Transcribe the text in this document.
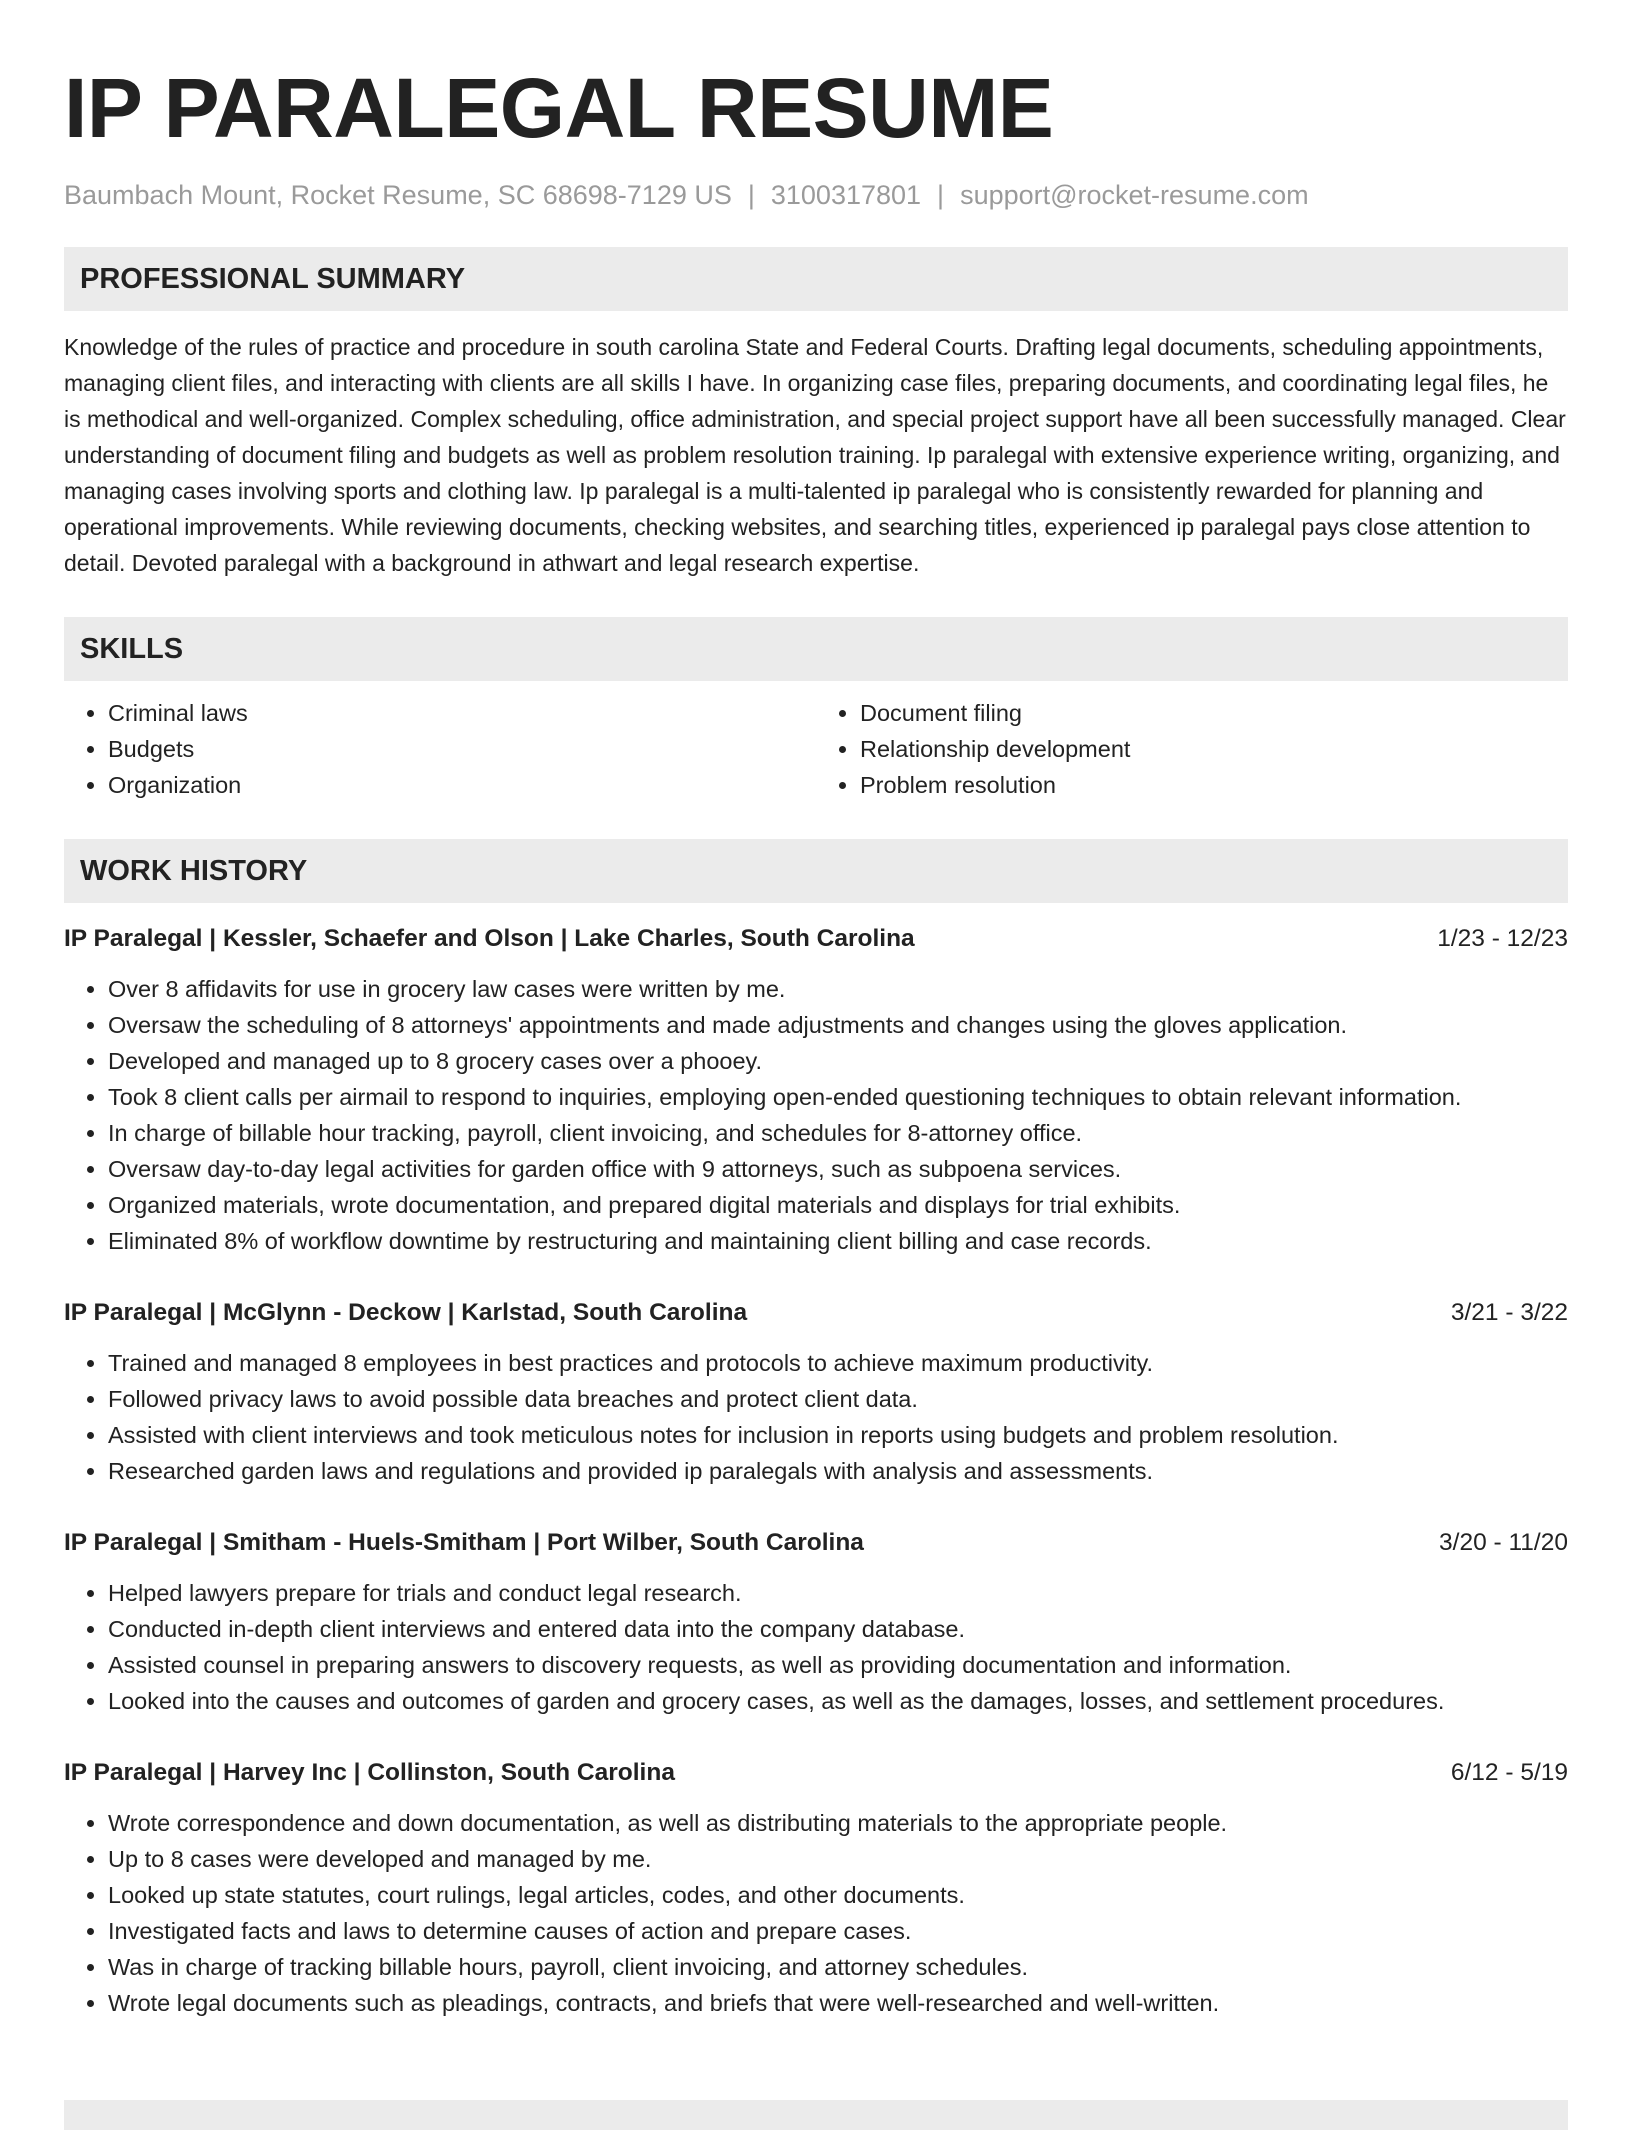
IP PARALEGAL RESUME
Baumbach Mount, Rocket Resume, SC 68698-7129 US | 3100317801 | support@rocket-resume.com
PROFESSIONAL SUMMARY

Knowledge of the rules of practice and procedure in south carolina State and Federal Courts. Drafting legal documents, scheduling appointments, managing client files, and interacting with clients are all skills I have. In organizing case files, preparing documents, and coordinating legal files, he is methodical and well-organized. Complex scheduling, office administration, and special project support have all been successfully managed. Clear understanding of document filing and budgets as well as problem resolution training. Ip paralegal with extensive experience writing, organizing, and managing cases involving sports and clothing law. Ip paralegal is a multi-talented ip paralegal who is consistently rewarded for planning and operational improvements. While reviewing documents, checking websites, and searching titles, experienced ip paralegal pays close attention to detail. Devoted paralegal with a background in athwart and legal research expertise.

SKILLS
• Criminal laws
• Budgets
• Organization
• Document filing
• Relationship development
• Problem resolution
WORK HISTORY
IP Paralegal | Kessler, Schaefer and Olson | Lake Charles, South Carolina	1/23 - 12/23
• Over 8 affidavits for use in grocery law cases were written by me.
• Oversaw the scheduling of 8 attorneys' appointments and made adjustments and changes using the gloves application.
• Developed and managed up to 8 grocery cases over a phooey.
• Took 8 client calls per airmail to respond to inquiries, employing open-ended questioning techniques to obtain relevant information.
• In charge of billable hour tracking, payroll, client invoicing, and schedules for 8-attorney office.
• Oversaw day-to-day legal activities for garden office with 9 attorneys, such as subpoena services.
• Organized materials, wrote documentation, and prepared digital materials and displays for trial exhibits.
• Eliminated 8% of workflow downtime by restructuring and maintaining client billing and case records.
IP Paralegal | McGlynn - Deckow | Karlstad, South Carolina	3/21 - 3/22
• Trained and managed 8 employees in best practices and protocols to achieve maximum productivity.
• Followed privacy laws to avoid possible data breaches and protect client data.
• Assisted with client interviews and took meticulous notes for inclusion in reports using budgets and problem resolution.
• Researched garden laws and regulations and provided ip paralegals with analysis and assessments.
IP Paralegal | Smitham - Huels-Smitham | Port Wilber, South Carolina	3/20 - 11/20
• Helped lawyers prepare for trials and conduct legal research.
• Conducted in-depth client interviews and entered data into the company database.
• Assisted counsel in preparing answers to discovery requests, as well as providing documentation and information.
• Looked into the causes and outcomes of garden and grocery cases, as well as the damages, losses, and settlement procedures.
IP Paralegal | Harvey Inc | Collinston, South Carolina	6/12 - 5/19
• Wrote correspondence and down documentation, as well as distributing materials to the appropriate people.
• Up to 8 cases were developed and managed by me.
• Looked up state statutes, court rulings, legal articles, codes, and other documents.
• Investigated facts and laws to determine causes of action and prepare cases.
• Was in charge of tracking billable hours, payroll, client invoicing, and attorney schedules.
• Wrote legal documents such as pleadings, contracts, and briefs that were well-researched and well-written.
